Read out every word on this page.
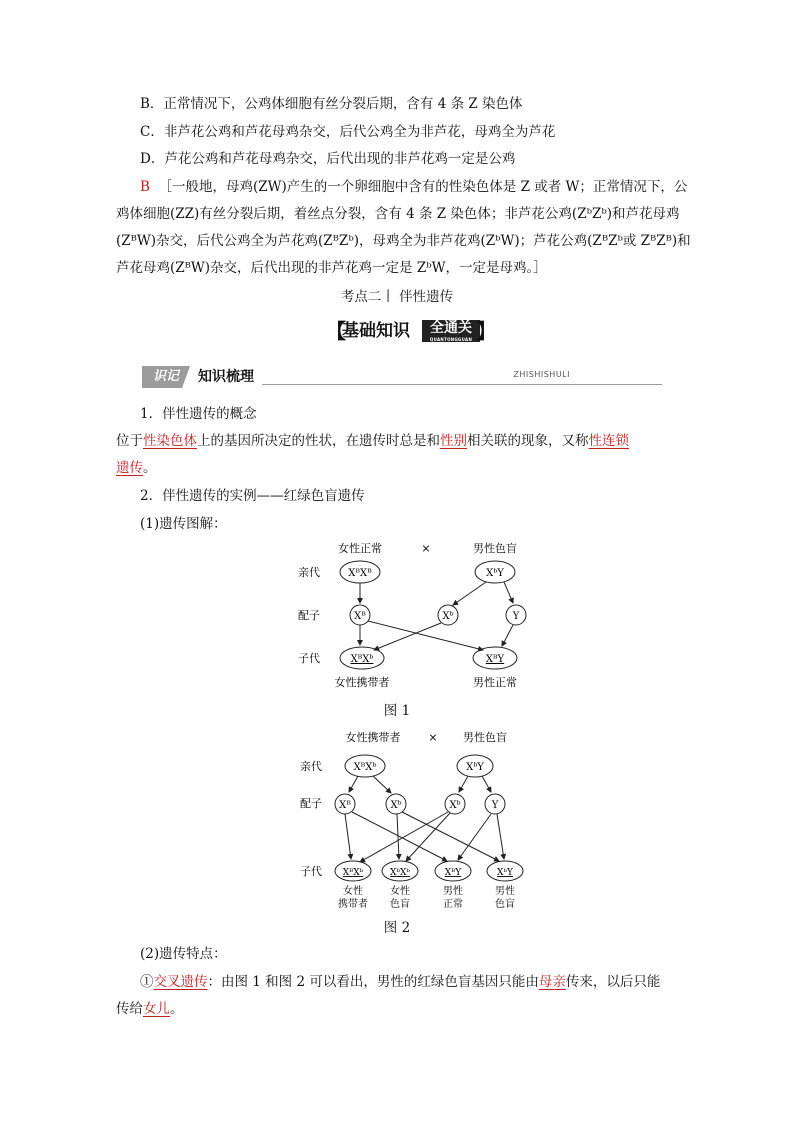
B．正常情况下，公鸡体细胞有丝分裂后期，含有 4 条 Z 染色体
C．非芦花公鸡和芦花母鸡杂交，后代公鸡全为非芦花，母鸡全为芦花
D．芦花公鸡和芦花母鸡杂交，后代出现的非芦花鸡一定是公鸡
B ［一般地，母鸡(ZW)产生的一个卵细胞中含有的性染色体是 Z 或者 W；正常情况下，公
鸡体细胞(ZZ)有丝分裂后期，着丝点分裂，含有 4 条 Z 染色体；非芦花公鸡(ZᵇZᵇ)和芦花母鸡
(ZᴮW)杂交，后代公鸡全为芦花鸡(ZᴮZᵇ)，母鸡全为非芦花鸡(ZᵇW)；芦花公鸡(ZᴮZᵇ或 ZᴮZᴮ)和
芦花母鸡(ZᴮW)杂交，后代出现的非芦花鸡一定是 ZᵇW，一定是母鸡。］
考点二丨 伴性遗传
【
基础知识	全通关
QUANTONGGUAN 】
识记	知识梳理	ZHISHISHULI
1．伴性遗传的概念
位于性染色体上的基因所决定的性状，在遗传时总是和性别相关联的现象，又称性连锁
遗传。
2．伴性遗传的实例——红绿色盲遗传
(1)遗传图解：
女性正常	×	男性色盲
亲代
配子
子代
XᴮXᴮ	XᵇY
Xᴮ	Xᵇ	Y
XᴮXᵇ	XᴮY
女性携带者	男性正常
图 1
女性携带者	× 男性色盲
亲代
配子
子代
XᴮXᵇ	XᵇY
Xᴮ	Xᵇ	Xᵇ	Y
XᴮXᵇ	XᵇXᵇ	XᴮY	XᵇY
女性
携带者
女性
色盲
男性
正常
男性
色盲
图 2
(2)遗传特点：
①交叉遗传：由图 1 和图 2 可以看出，男性的红绿色盲基因只能由母亲传来，以后只能
传给女儿。
